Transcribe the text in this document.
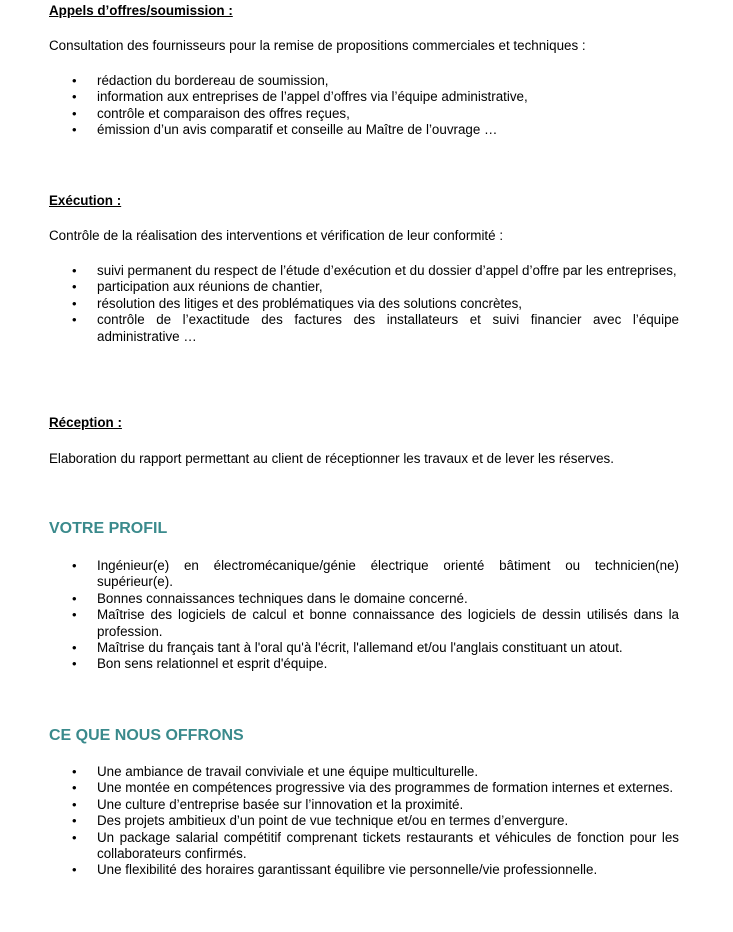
Appels d’offres/soumission :

Consultation des fournisseurs pour la remise de propositions commerciales et techniques :

• rédaction du bordereau de soumission,
• information aux entreprises de l’appel d’offres via l’équipe administrative,
• contrôle et comparaison des offres reçues,
• émission d’un avis comparatif et conseille au Maître de l’ouvrage …

Exécution :

Contrôle de la réalisation des interventions et vérification de leur conformité :

• suivi permanent du respect de l’étude d’exécution et du dossier d’appel d’offre par les entreprises,
• participation aux réunions de chantier,
• résolution des litiges et des problématiques via des solutions concrètes,
• contrôle de l’exactitude des factures des installateurs et suivi financier avec l’équipe administrative …

Réception :

Elaboration du rapport permettant au client de réceptionner les travaux et de lever les réserves.

VOTRE PROFIL

• Ingénieur(e) en électromécanique/génie électrique orienté bâtiment ou technicien(ne) supérieur(e).
• Bonnes connaissances techniques dans le domaine concerné.
• Maîtrise des logiciels de calcul et bonne connaissance des logiciels de dessin utilisés dans la profession.
• Maîtrise du français tant à l'oral qu'à l'écrit, l'allemand et/ou l'anglais constituant un atout.
• Bon sens relationnel et esprit d'équipe.

CE QUE NOUS OFFRONS

• Une ambiance de travail conviviale et une équipe multiculturelle.
• Une montée en compétences progressive via des programmes de formation internes et externes.
• Une culture d’entreprise basée sur l’innovation et la proximité.
• Des projets ambitieux d’un point de vue technique et/ou en termes d’envergure.
• Un package salarial compétitif comprenant tickets restaurants et véhicules de fonction pour les collaborateurs confirmés.
• Une flexibilité des horaires garantissant équilibre vie personnelle/vie professionnelle.
